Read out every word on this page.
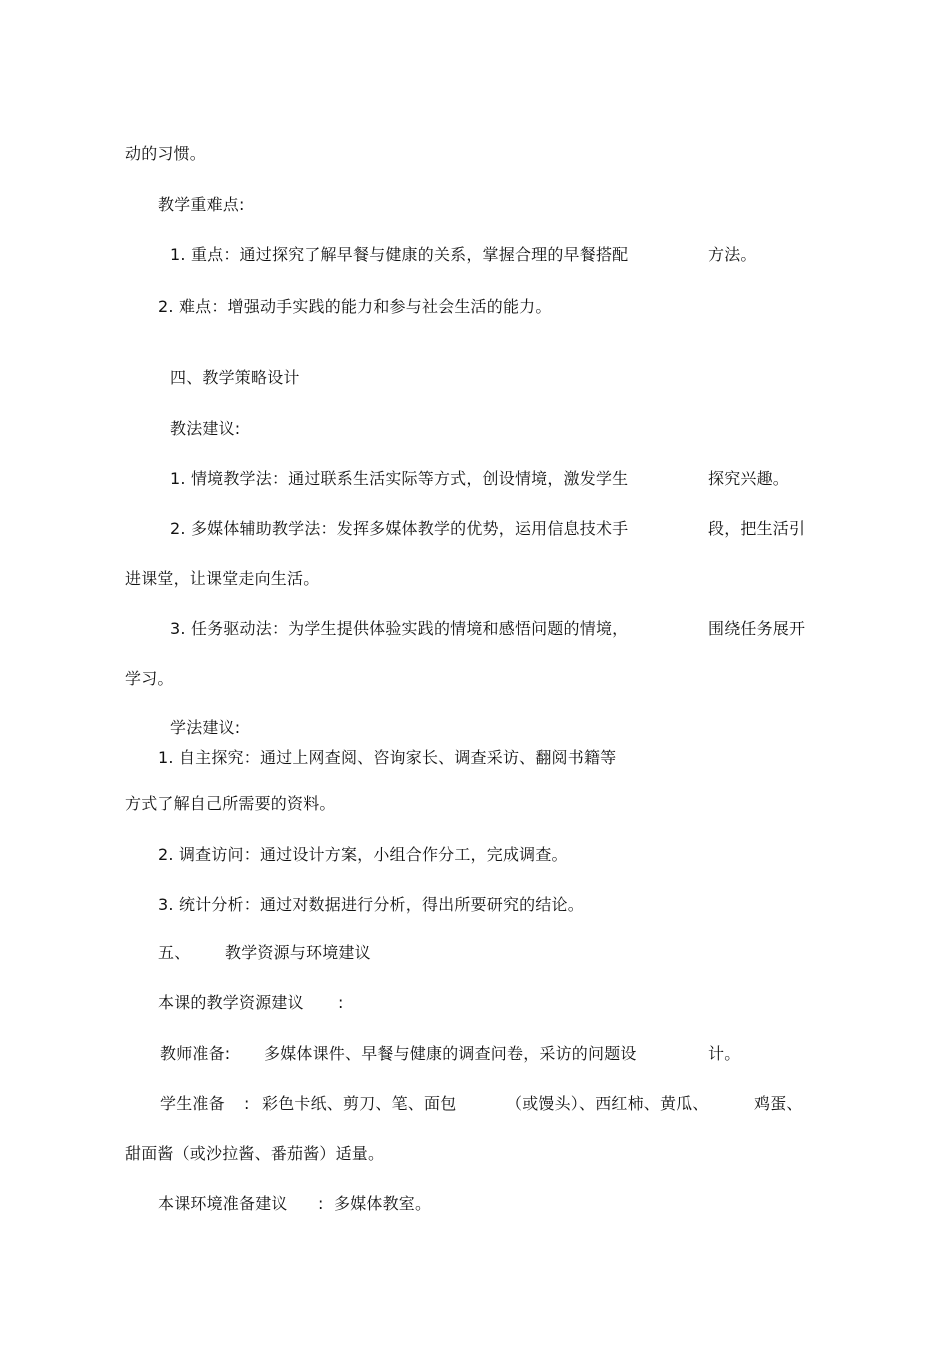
动的习惯。
教学重难点:
1. 重点：通过探究了解早餐与健康的关系，掌握合理的早餐搭配	方法。
2. 难点：增强动手实践的能力和参与社会生活的能力。
四、教学策略设计
教法建议:
1. 情境教学法：通过联系生活实际等方式，创设情境，激发学生	探究兴趣。
2. 多媒体辅助教学法：发挥多媒体教学的优势，运用信息技术手	段，把生活引
进课堂，让课堂走向生活。
3. 任务驱动法：为学生提供体验实践的情境和感悟问题的情境，	围绕任务展开
学习。
学法建议:
1. 自主探究：通过上网查阅、咨询家长、调查采访、翻阅书籍等
方式了解自己所需要的资料。
2. 调查访问：通过设计方案，小组合作分工，完成调查。
3. 统计分析：通过对数据进行分析，得出所要研究的结论。
五、 教学资源与环境建议
本课的教学资源建议 :
教师准备: 多媒体课件、早餐与健康的调查问卷，采访的问题设	计。
学生准备 : 彩色卡纸、剪刀、笔、面包	（或馒头）、西红柿、黄瓜、	鸡蛋、
甜面酱（或沙拉酱、番茄酱）适量。
本课环境准备建议 : 多媒体教室。
